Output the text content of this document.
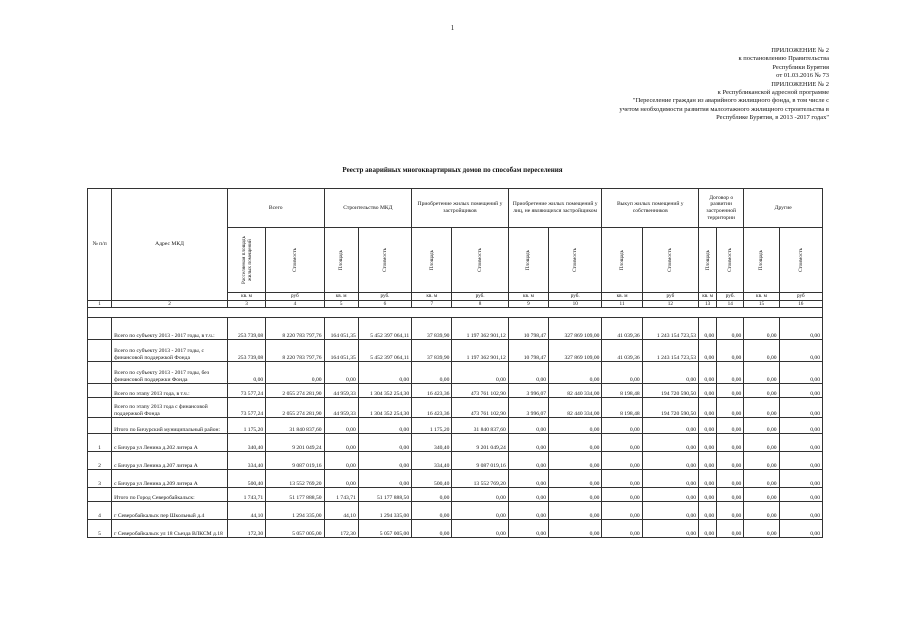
1
ПРИЛОЖЕНИЕ № 2
к постановлению Правительства
Республики Бурятия
от 01.03.2016 № 73
ПРИЛОЖЕНИЕ № 2
к Республиканской адресной программе
"Переселение граждан из аварийного жилищного фонда, в том числе с
учетом необходимости развития малоэтажного жилищного строительства в
Республике Бурятия, в 2013 -2017 годах"
Реестр аварийных многоквартирных домов по способам переселения
№ п/п	Адрес МКД	Всего		Строительство МКД		Приобретение жилых помещений у застройщиков		Приобретение жилых помещений у лиц, не являющихся застройщиком		Выкуп жилых помещений у собственников		Договор о развитии застроенной территории		Другие	

		Расселяемая площадь жилых помещений	Стоимость	Площадь	Стоимость	Площадь	Стоимость	Площадь	Стоимость	Площадь	Стоимость	Площадь	Стоимость	Площадь	Стоимость

		кв. м	руб	кв. м	руб.	кв. м	руб.	кв. м	руб.	кв. м	руб	кв. м	руб.	кв. м	руб
1	2	3	4	5	6	7	8	9	10	11	12	13	14	15	16

	Всего по субъекту 2013 - 2017 годы, в т.ч.:	253 739,08	8 220 783 797,76	164 051,35	5 452 397 064,11	37 839,90	1 197 362 901,12	10 798,47	327 869 109,00	41 039,36	1 243 154 723,53	0,00	0,00	0,00	0,00
	Всего по субъекту 2013 - 2017 годы, с финансовой поддержкой Фонда	253 739,08	8 220 783 797,76	164 051,35	5 452 397 064,11	37 839,90	1 197 362 901,12	10 798,47	327 869 109,00	41 039,36	1 243 154 723,53	0,00	0,00	0,00	0,00
	Всего по субъекту 2013 - 2017 годы, без финансовой поддержки Фонда	0,00	0,00	0,00	0,00	0,00	0,00	0,00	0,00	0,00	0,00	0,00	0,00	0,00	0,00
	Всего по этапу 2013 года, в т.ч.:	73 577,24	2 055 274 281,90	44 959,33	1 304 352 254,30	16 423,36	473 761 102,90	3 996,07	82 440 334,00	8 198,48	194 720 590,50	0,00	0,00	0,00	0,00
	Всего по этапу 2013 года с финансовой поддержкой Фонда	73 577,24	2 055 274 281,90	44 959,33	1 304 352 254,30	16 423,36	473 761 102,90	3 996,07	82 440 334,00	8 198,48	194 720 590,50	0,00	0,00	0,00	0,00
	Итого по Бичурский муниципальный район:	1 175,20	31 840 837,60	0,00	0,00	1 175,20	31 840 837,60	0,00	0,00	0,00	0,00	0,00	0,00	0,00	0,00
1	с Бичура ул Ленина д.202 литера А	340,40	9 201 049,24	0,00	0,00	340,40	9 201 049,24	0,00	0,00	0,00	0,00	0,00	0,00	0,00	0,00
2	с Бичура ул Ленина д.207 литера А	334,40	9 087 019,16	0,00	0,00	334,40	9 087 019,16	0,00	0,00	0,00	0,00	0,00	0,00	0,00	0,00
3	с Бичура ул Ленина д.209 литера А	500,40	13 552 769,20	0,00	0,00	500,40	13 552 769,20	0,00	0,00	0,00	0,00	0,00	0,00	0,00	0,00
	Итого по Город Северобайкальск:	1 743,71	51 177 888,50	1 743,71	51 177 888,50	0,00	0,00	0,00	0,00	0,00	0,00	0,00	0,00	0,00	0,00
4	г Северобайкальск пер Школьный д.4	44,10	1 294 335,00	44,10	1 294 335,00	0,00	0,00	0,00	0,00	0,00	0,00	0,00	0,00	0,00	0,00
5	г Северобайкальск ул 18 Съезда ВЛКСМ д.18	172,30	5 057 005,00	172,30	5 057 005,00	0,00	0,00	0,00	0,00	0,00	0,00	0,00	0,00	0,00	0,00
